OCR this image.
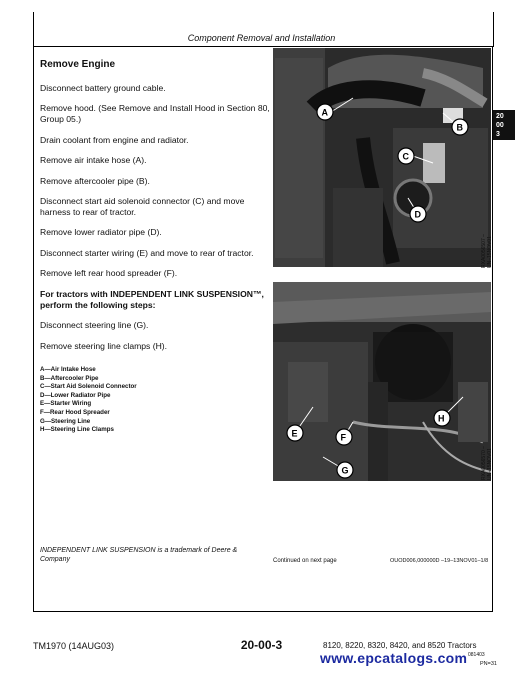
Component Removal and Installation
20
00
3
Remove Engine
Disconnect battery ground cable.
Remove hood. (See Remove and Install Hood in Section 80, Group 05.)
Drain coolant from engine and radiator.
Remove air intake hose (A).
Remove aftercooler pipe (B).
Disconnect start aid solenoid connector (C) and move harness to rear of tractor.
Remove lower radiator pipe (D).
Disconnect starter wiring (E) and move to rear of tractor.
Remove left rear hood spreader (F).
For tractors with INDEPENDENT LINK SUSPENSION™, perform the following steps:
Disconnect steering line (G).
Remove steering line clamps (H).
A—Air Intake Hose
B—Aftercooler Pipe
C—Start Aid Solenoid Connector
D—Lower Radiator Pipe
E—Starter Wiring
F—Rear Hood Spreader
G—Steering Line
H—Steering Line Clamps
A
B
C
D
RXA0056507 –UN–15NOV01
E	F
G
H
RXA0056570 –UN–15NOV01
INDEPENDENT LINK SUSPENSION is a trademark of Deere & Company	Continued on next page	OUOD006,000000D –19–13NOV01–1/8
TM1970 (14AUG03)	20-00-3	8120, 8220, 8320, 8420, and 8520 Tractors
081403
PN=31
www.epcatalogs.com
